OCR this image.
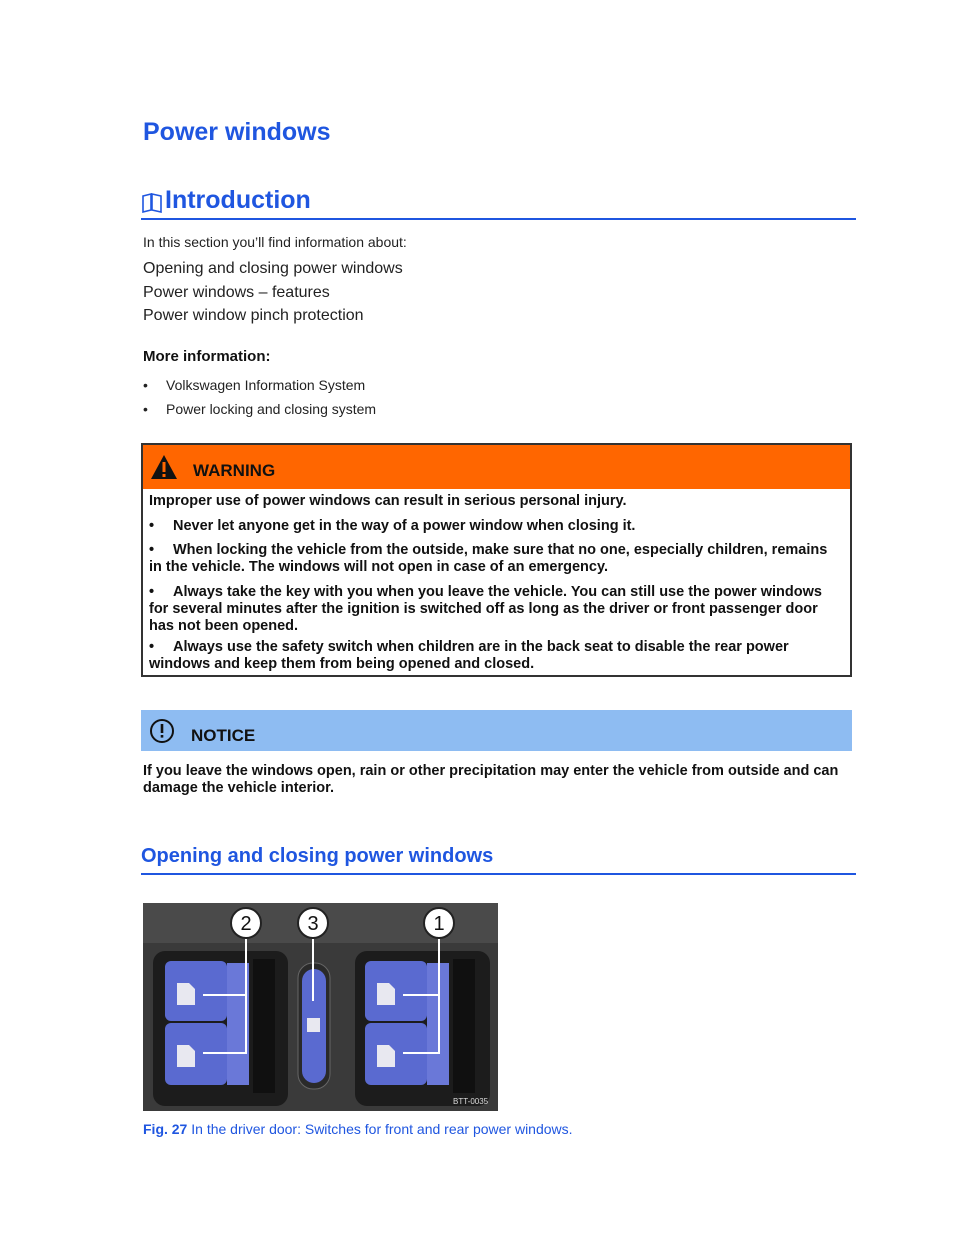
Power windows
Introduction
In this section you’ll find information about:
Opening and closing power windows
Power windows – features
Power window pinch protection
More information:
•	Volkswagen Information System
•	Power locking and closing system
WARNING
Improper use of power windows can result in serious personal injury.
• Never let anyone get in the way of a power window when closing it.
• When locking the vehicle from the outside, make sure that no one, especially children, remains in the vehicle. The windows will not open in case of an emergency.
• Always take the key with you when you leave the vehicle. You can still use the power windows for several minutes after the ignition is switched off as long as the driver or front passenger door has not been opened.
• Always use the safety switch when children are in the back seat to disable the rear power windows and keep them from being opened and closed.
NOTICE
If you leave the windows open, rain or other precipitation may enter the vehicle from outside and can damage the vehicle interior.
Opening and closing power windows
2	3	1
BTT-0035
Fig. 27 In the driver door: Switches for front and rear power windows.
